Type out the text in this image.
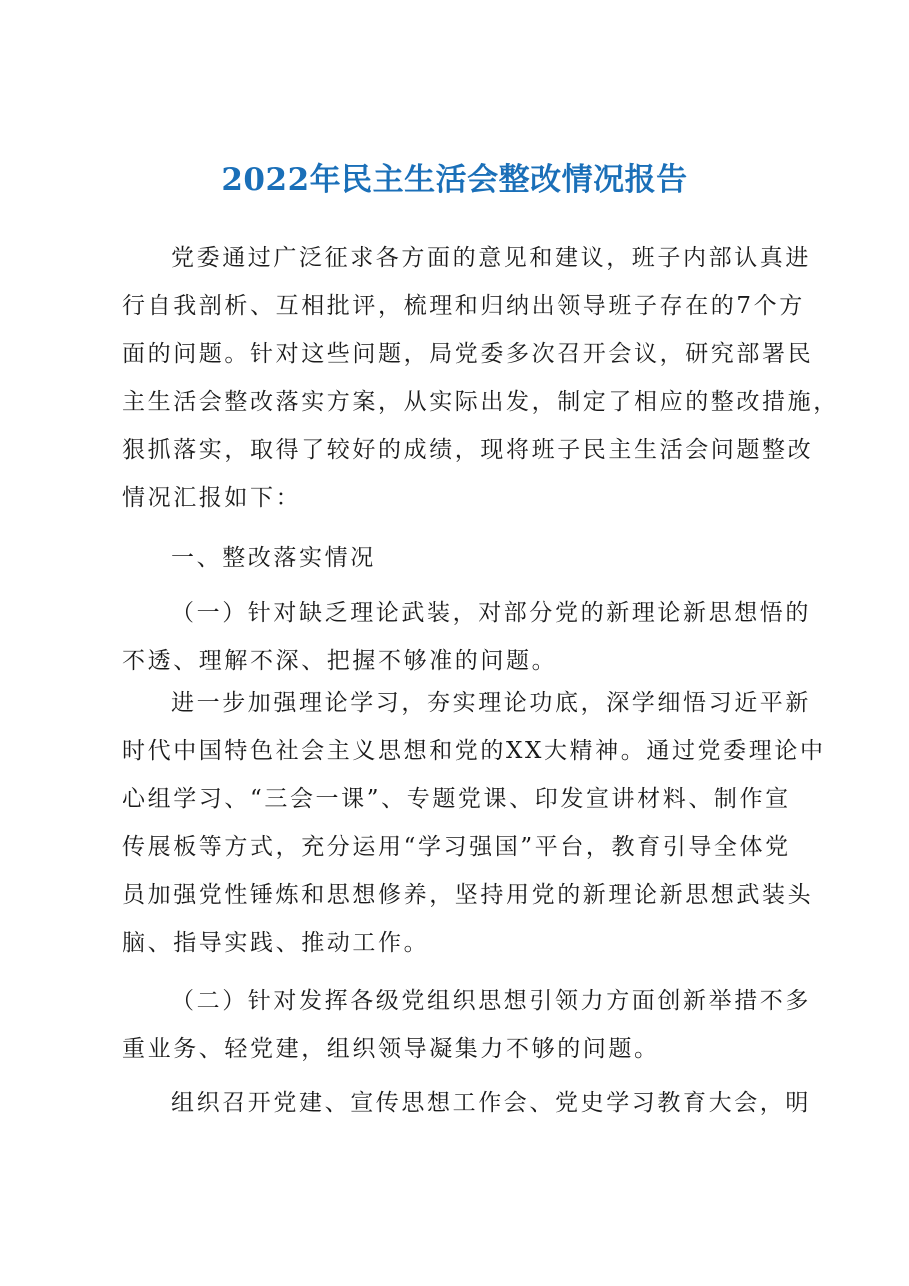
2022年民主生活会整改情况报告
党委通过广泛征求各方面的意见和建议，班子内部认真进
行自我剖析、互相批评，梳理和归纳出领导班子存在的7个方
面的问题。针对这些问题，局党委多次召开会议，研究部署民
主生活会整改落实方案，从实际出发，制定了相应的整改措施，
狠抓落实，取得了较好的成绩，现将班子民主生活会问题整改
情况汇报如下：
一、整改落实情况
（一）针对缺乏理论武装，对部分党的新理论新思想悟的
不透、理解不深、把握不够准的问题。
进一步加强理论学习，夯实理论功底，深学细悟习近平新
时代中国特色社会主义思想和党的XX大精神。通过党委理论中
心组学习、“三会一课”、专题党课、印发宣讲材料、制作宣
传展板等方式，充分运用“学习强国”平台，教育引导全体党
员加强党性锤炼和思想修养，坚持用党的新理论新思想武装头
脑、指导实践、推动工作。
（二）针对发挥各级党组织思想引领力方面创新举措不多
重业务、轻党建，组织领导凝集力不够的问题。
组织召开党建、宣传思想工作会、党史学习教育大会，明
